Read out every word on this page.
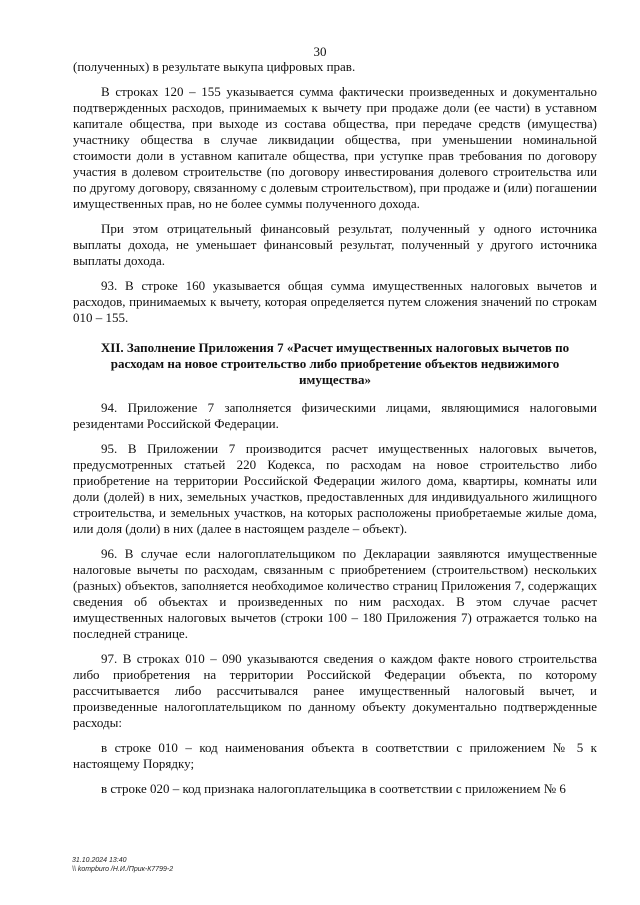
30

(полученных) в результате выкупа цифровых прав.

В строках 120 – 155 указывается сумма фактически произведенных и документально подтвержденных расходов, принимаемых к вычету при продаже доли (ее части) в уставном капитале общества, при выходе из состава общества, при передаче средств (имущества) участнику общества в случае ликвидации общества, при уменьшении номинальной стоимости доли в уставном капитале общества, при уступке прав требования по договору участия в долевом строительстве (по договору инвестирования долевого строительства или по другому договору, связанному с долевым строительством), при продаже и (или) погашении имущественных прав, но не более суммы полученного дохода.

При этом отрицательный финансовый результат, полученный у одного источника выплаты дохода, не уменьшает финансовый результат, полученный у другого источника выплаты дохода.

93. В строке 160 указывается общая сумма имущественных налоговых вычетов и расходов, принимаемых к вычету, которая определяется путем сложения значений по строкам 010 – 155.

XII. Заполнение Приложения 7 «Расчет имущественных налоговых вычетов по расходам на новое строительство либо приобретение объектов недвижимого имущества»

94. Приложение 7 заполняется физическими лицами, являющимися налоговыми резидентами Российской Федерации.

95. В Приложении 7 производится расчет имущественных налоговых вычетов, предусмотренных статьей 220 Кодекса, по расходам на новое строительство либо приобретение на территории Российской Федерации жилого дома, квартиры, комнаты или доли (долей) в них, земельных участков, предоставленных для индивидуального жилищного строительства, и земельных участков, на которых расположены приобретаемые жилые дома, или доля (доли) в них (далее в настоящем разделе – объект).

96. В случае если налогоплательщиком по Декларации заявляются имущественные налоговые вычеты по расходам, связанным с приобретением (строительством) нескольких (разных) объектов, заполняется необходимое количество страниц Приложения 7, содержащих сведения об объектах и произведенных по ним расходах. В этом случае расчет имущественных налоговых вычетов (строки 100 – 180 Приложения 7) отражается только на последней странице.

97. В строках 010 – 090 указываются сведения о каждом факте нового строительства либо приобретения на территории Российской Федерации объекта, по которому рассчитывается либо рассчитывался ранее имущественный налоговый вычет, и произведенные налогоплательщиком по данному объекту документально подтвержденные расходы:

в строке 010 – код наименования объекта в соответствии с приложением № 5 к настоящему Порядку;

в строке 020 – код признака налогоплательщика в соответствии с приложением № 6

31.10.2024 13:40
\\ kompburo /Н.И./Прик-К7799-2
